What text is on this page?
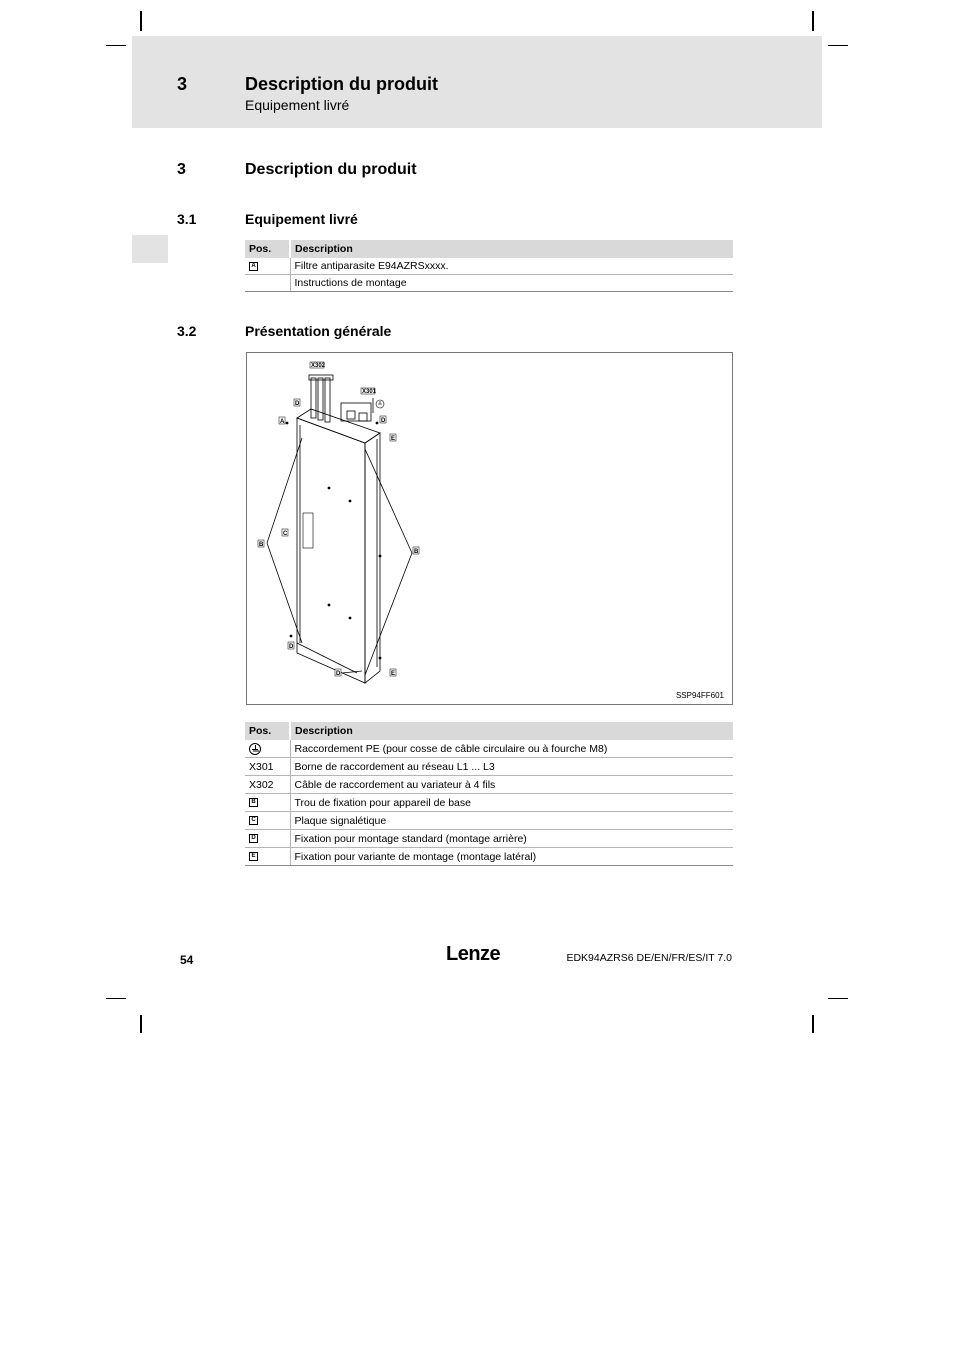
3	Description du produit
Equipement livré
3	Description du produit
3.1	Equipement livré
Pos.	Description
A	Filtre antiparasite E94AZRSxxxx.
	Instructions de montage
3.2	Présentation générale
X302
X301
D
A	D
E
C
B
B
D
D	E
SSP94FF601
Pos.	Description
	Raccordement PE (pour cosse de câble circulaire ou à fourche M8)
X301	Borne de raccordement au réseau L1 ... L3
X302	Câble de raccordement au variateur à 4 fils
B	Trou de fixation pour appareil de base
C	Plaque signalétique
D	Fixation pour montage standard (montage arrière)
E	Fixation pour variante de montage (montage latéral)
54	Lenze	EDK94AZRS6 DE/EN/FR/ES/IT 7.0
